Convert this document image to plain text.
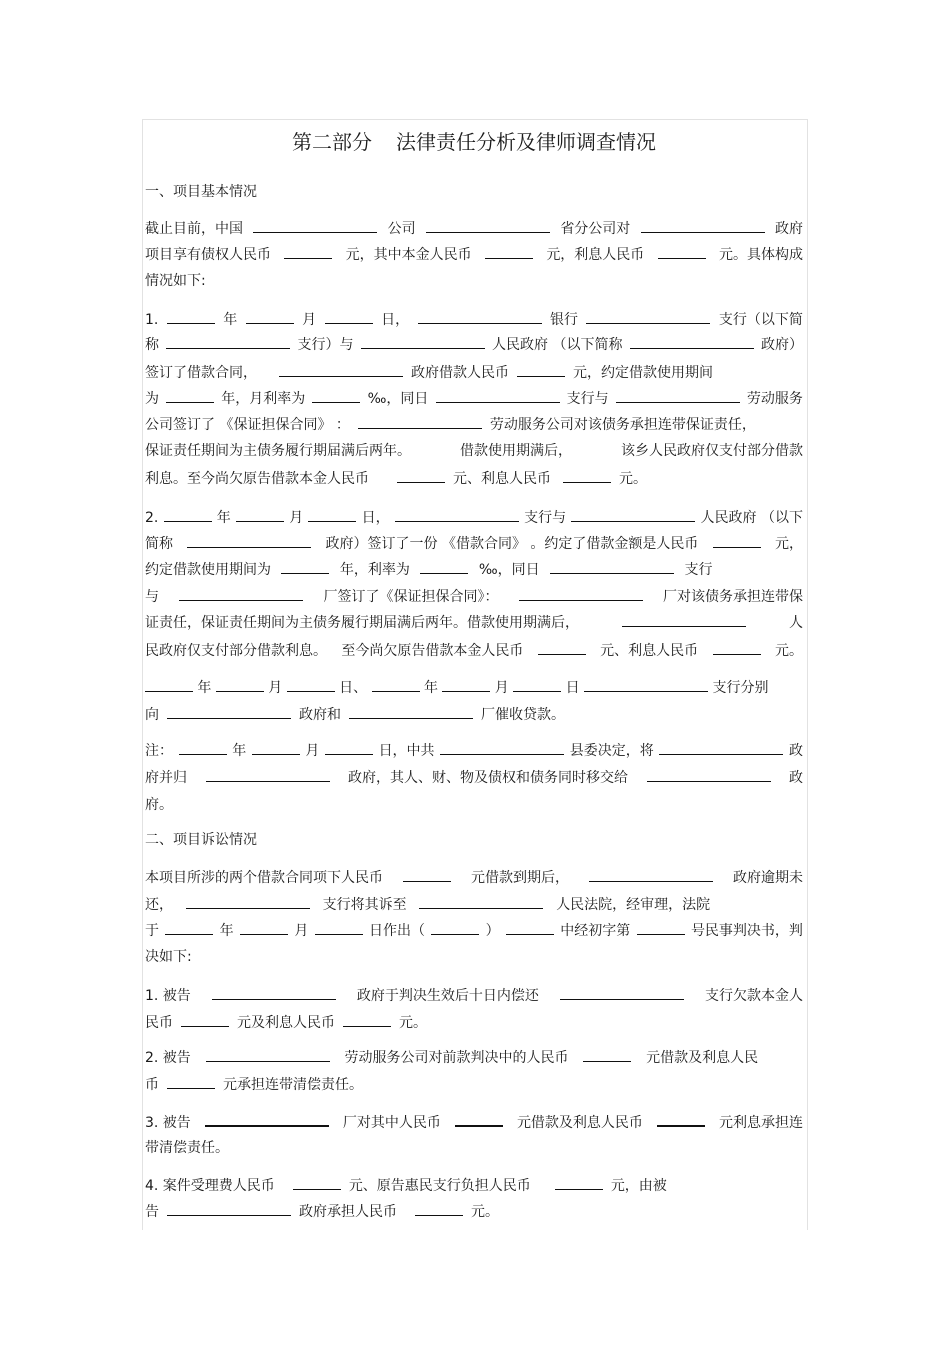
第二部分 法律责任分析及律师调查情况
一、项目基本情况
截止目前，中国	公司	省分公司对	政府
项目享有债权人民币	元，其中本金人民币	元，利息人民币	元。具体构成
情况如下:
1.	年	月	日，	银行	支行（以下简
称	支行）与	人民政府 （以下简称	政府）
签订了借款合同，	政府借款人民币	元，约定借款使用期间
为	年，月利率为	‰，同日	支行与	劳动服务
公司签订了 《保证担保合同》 ：	劳动服务公司对该债务承担连带保证责任，
保证责任期间为主债务履行期届满后两年。	借款使用期满后，	该乡人民政府仅支付部分借款
利息。至今尚欠原告借款本金人民币	元、利息人民币	元。
2.	年	月	日，	支行与	人民政府 （以下
简称	政府）签订了一份 《借款合同》 。约定了借款金额是人民币	元，
约定借款使用期间为	年，利率为	‰，同日	支行
与	厂签订了《保证担保合同》：	厂对该债务承担连带保
证责任，保证责任期间为主债务履行期届满后两年。借款使用期满后，	人
民政府仅支付部分借款利息。 至今尚欠原告借款本金人民币	元、利息人民币	元。
年	月	日、	年	月	日	支行分别
向	政府和	厂催收贷款。
注：	年	月	日，中共	县委决定，将	政
府并归	政府，其人、财、物及债权和债务同时移交给	政
府。
二、项目诉讼情况
本项目所涉的两个借款合同项下人民币	元借款到期后，	政府逾期未
还，	支行将其诉至	人民法院，经审理，法院
于	年	月	日作出（	）	中经初字第	号民事判决书，判
决如下:
1. 被告	政府于判决生效后十日内偿还	支行欠款本金人
民币	元及利息人民币	元。
2. 被告	劳动服务公司对前款判决中的人民币	元借款及利息人民
币	元承担连带清偿责任。
3. 被告	厂对其中人民币	元借款及利息人民币	元利息承担连
带清偿责任。
4. 案件受理费人民币	元、原告惠民支行负担人民币	元，由被
告	政府承担人民币	元。
